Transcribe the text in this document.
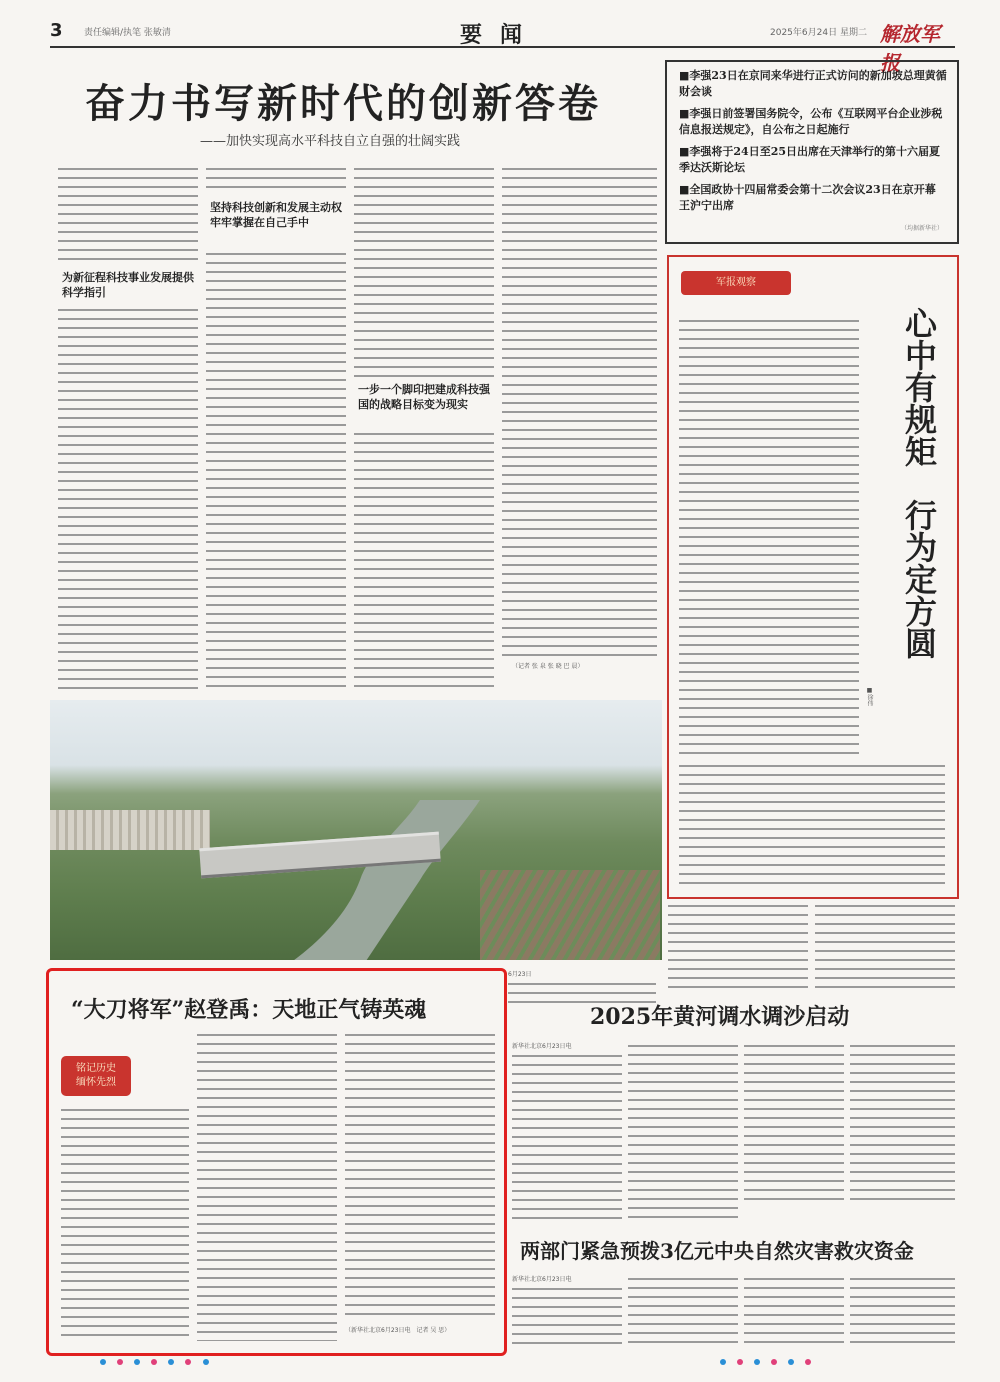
3 责任编辑/执笔 张敏清	要闻	2025年6月24日 星期二 解放军报
奋力书写新时代的创新答卷
——加快实现高水平科技自立自强的壮阔实践
为新征程科技事业发展提供科学指引
坚持科技创新和发展主动权牢牢掌握在自己手中
一步一个脚印把建成科技强国的战略目标变为现实
（记者 张 泉 张 晓 巴 晨）
■李强23日在京同来华进行正式访问的新加坡总理黄循财会谈
■李强日前签署国务院令，公布《互联网平台企业涉税信息报送规定》，自公布之日起施行
■李强将于24日至25日出席在天津举行的第十六届夏季达沃斯论坛
■全国政协十四届常委会第十二次会议23日在京开幕　王沪宁出席
（均据新华社）
军报观察
心中有规矩　行为定方圆
■徐伟
“大刀将军”赵登禹：天地正气铸英魂
铭记历史
缅怀先烈
（新华社北京6月23日电　记者 吴 思）
6月23日
2025年黄河调水调沙启动
新华社北京6月23日电
两部门紧急预拨3亿元中央自然灾害救灾资金
新华社北京6月23日电
